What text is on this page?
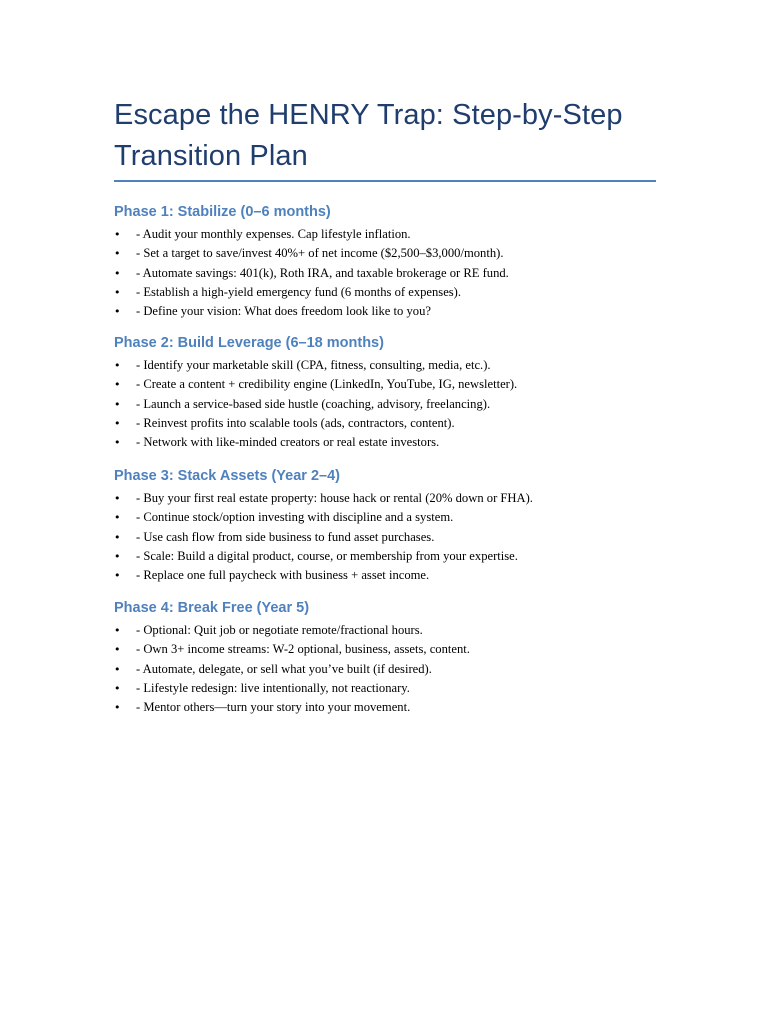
Escape the HENRY Trap: Step-by-Step Transition Plan
Phase 1: Stabilize (0–6 months)
• - Audit your monthly expenses. Cap lifestyle inflation.
• - Set a target to save/invest 40%+ of net income ($2,500–$3,000/month).
• - Automate savings: 401(k), Roth IRA, and taxable brokerage or RE fund.
• - Establish a high-yield emergency fund (6 months of expenses).
• - Define your vision: What does freedom look like to you?
Phase 2: Build Leverage (6–18 months)
• - Identify your marketable skill (CPA, fitness, consulting, media, etc.).
• - Create a content + credibility engine (LinkedIn, YouTube, IG, newsletter).
• - Launch a service-based side hustle (coaching, advisory, freelancing).
• - Reinvest profits into scalable tools (ads, contractors, content).
• - Network with like-minded creators or real estate investors.
Phase 3: Stack Assets (Year 2–4)
• - Buy your first real estate property: house hack or rental (20% down or FHA).
• - Continue stock/option investing with discipline and a system.
• - Use cash flow from side business to fund asset purchases.
• - Scale: Build a digital product, course, or membership from your expertise.
• - Replace one full paycheck with business + asset income.
Phase 4: Break Free (Year 5)
• - Optional: Quit job or negotiate remote/fractional hours.
• - Own 3+ income streams: W-2 optional, business, assets, content.
• - Automate, delegate, or sell what you’ve built (if desired).
• - Lifestyle redesign: live intentionally, not reactionary.
• - Mentor others—turn your story into your movement.
